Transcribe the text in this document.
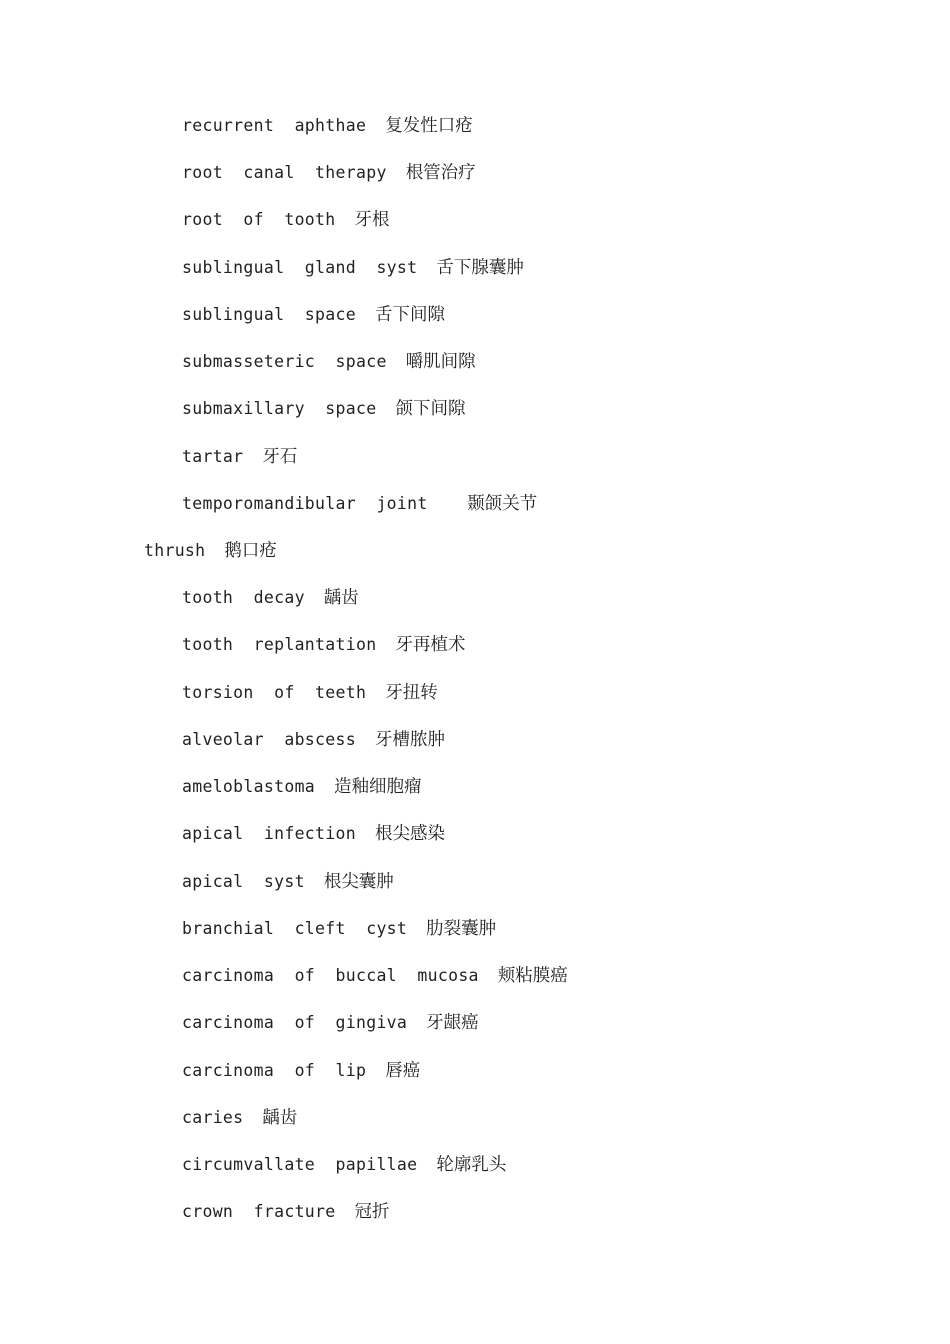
recurrent  aphthae 复发性口疮
root  canal  therapy 根管治疗
root  of  tooth 牙根
sublingual  gland  syst 舌下腺囊肿
sublingual  space 舌下间隙
submasseteric  space 嚼肌间隙
submaxillary  space 颌下间隙
tartar 牙石
temporomandibular  joint  颞颌关节
thrush 鹅口疮
tooth  decay 龋齿
tooth  replantation 牙再植术
torsion  of  teeth 牙扭转
alveolar  abscess 牙槽脓肿
ameloblastoma 造釉细胞瘤
apical  infection 根尖感染
apical  syst 根尖囊肿
branchial  cleft  cyst 肋裂囊肿
carcinoma  of  buccal  mucosa 颊粘膜癌
carcinoma  of  gingiva 牙龈癌
carcinoma  of  lip 唇癌
caries 龋齿
circumvallate  papillae 轮廓乳头
crown  fracture 冠折
